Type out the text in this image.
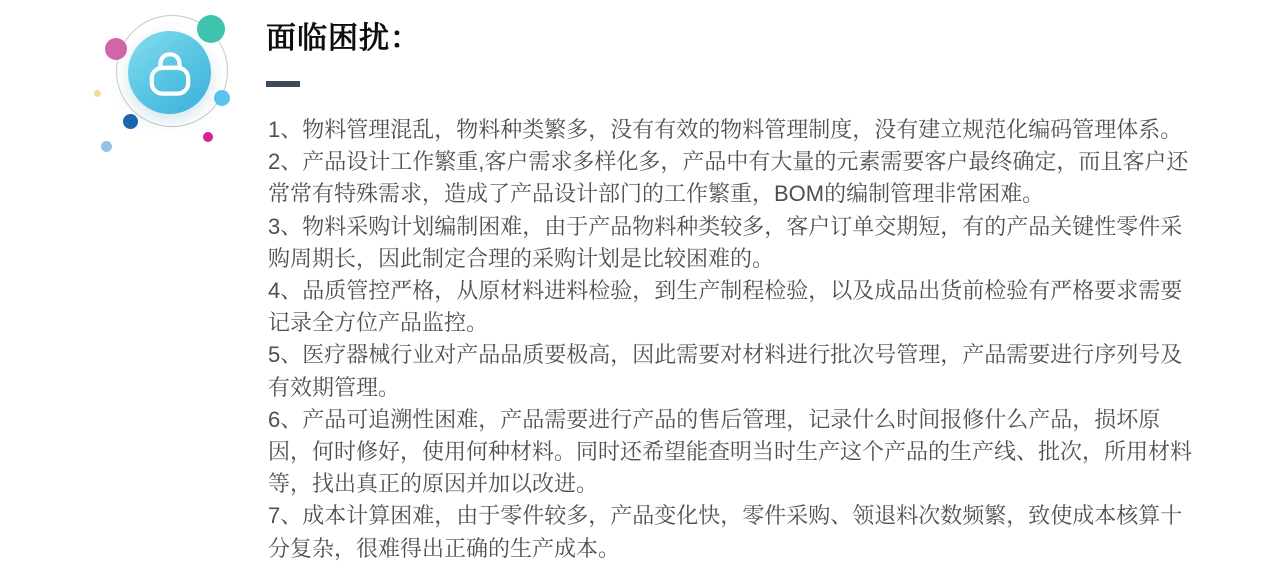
面临困扰：

1、物料管理混乱，物料种类繁多，没有有效的物料管理制度，没有建立规范化编码管理体系。

2、产品设计工作繁重,客户需求多样化多，产品中有大量的元素需要客户最终确定，而且客户还常常有特殊需求，造成了产品设计部门的工作繁重，BOM的编制管理非常困难。

3、物料采购计划编制困难，由于产品物料种类较多，客户订单交期短，有的产品关键性零件采购周期长，因此制定合理的采购计划是比较困难的。

4、品质管控严格，从原材料进料检验，到生产制程检验，以及成品出货前检验有严格要求需要记录全方位产品监控。

5、医疗器械行业对产品品质要极高，因此需要对材料进行批次号管理，产品需要进行序列号及有效期管理。

6、产品可追溯性困难，产品需要进行产品的售后管理，记录什么时间报修什么产品，损坏原因，何时修好，使用何种材料。同时还希望能查明当时生产这个产品的生产线、批次，所用材料等，找出真正的原因并加以改进。

7、成本计算困难，由于零件较多，产品变化快，零件采购、领退料次数频繁，致使成本核算十分复杂，很难得出正确的生产成本。
